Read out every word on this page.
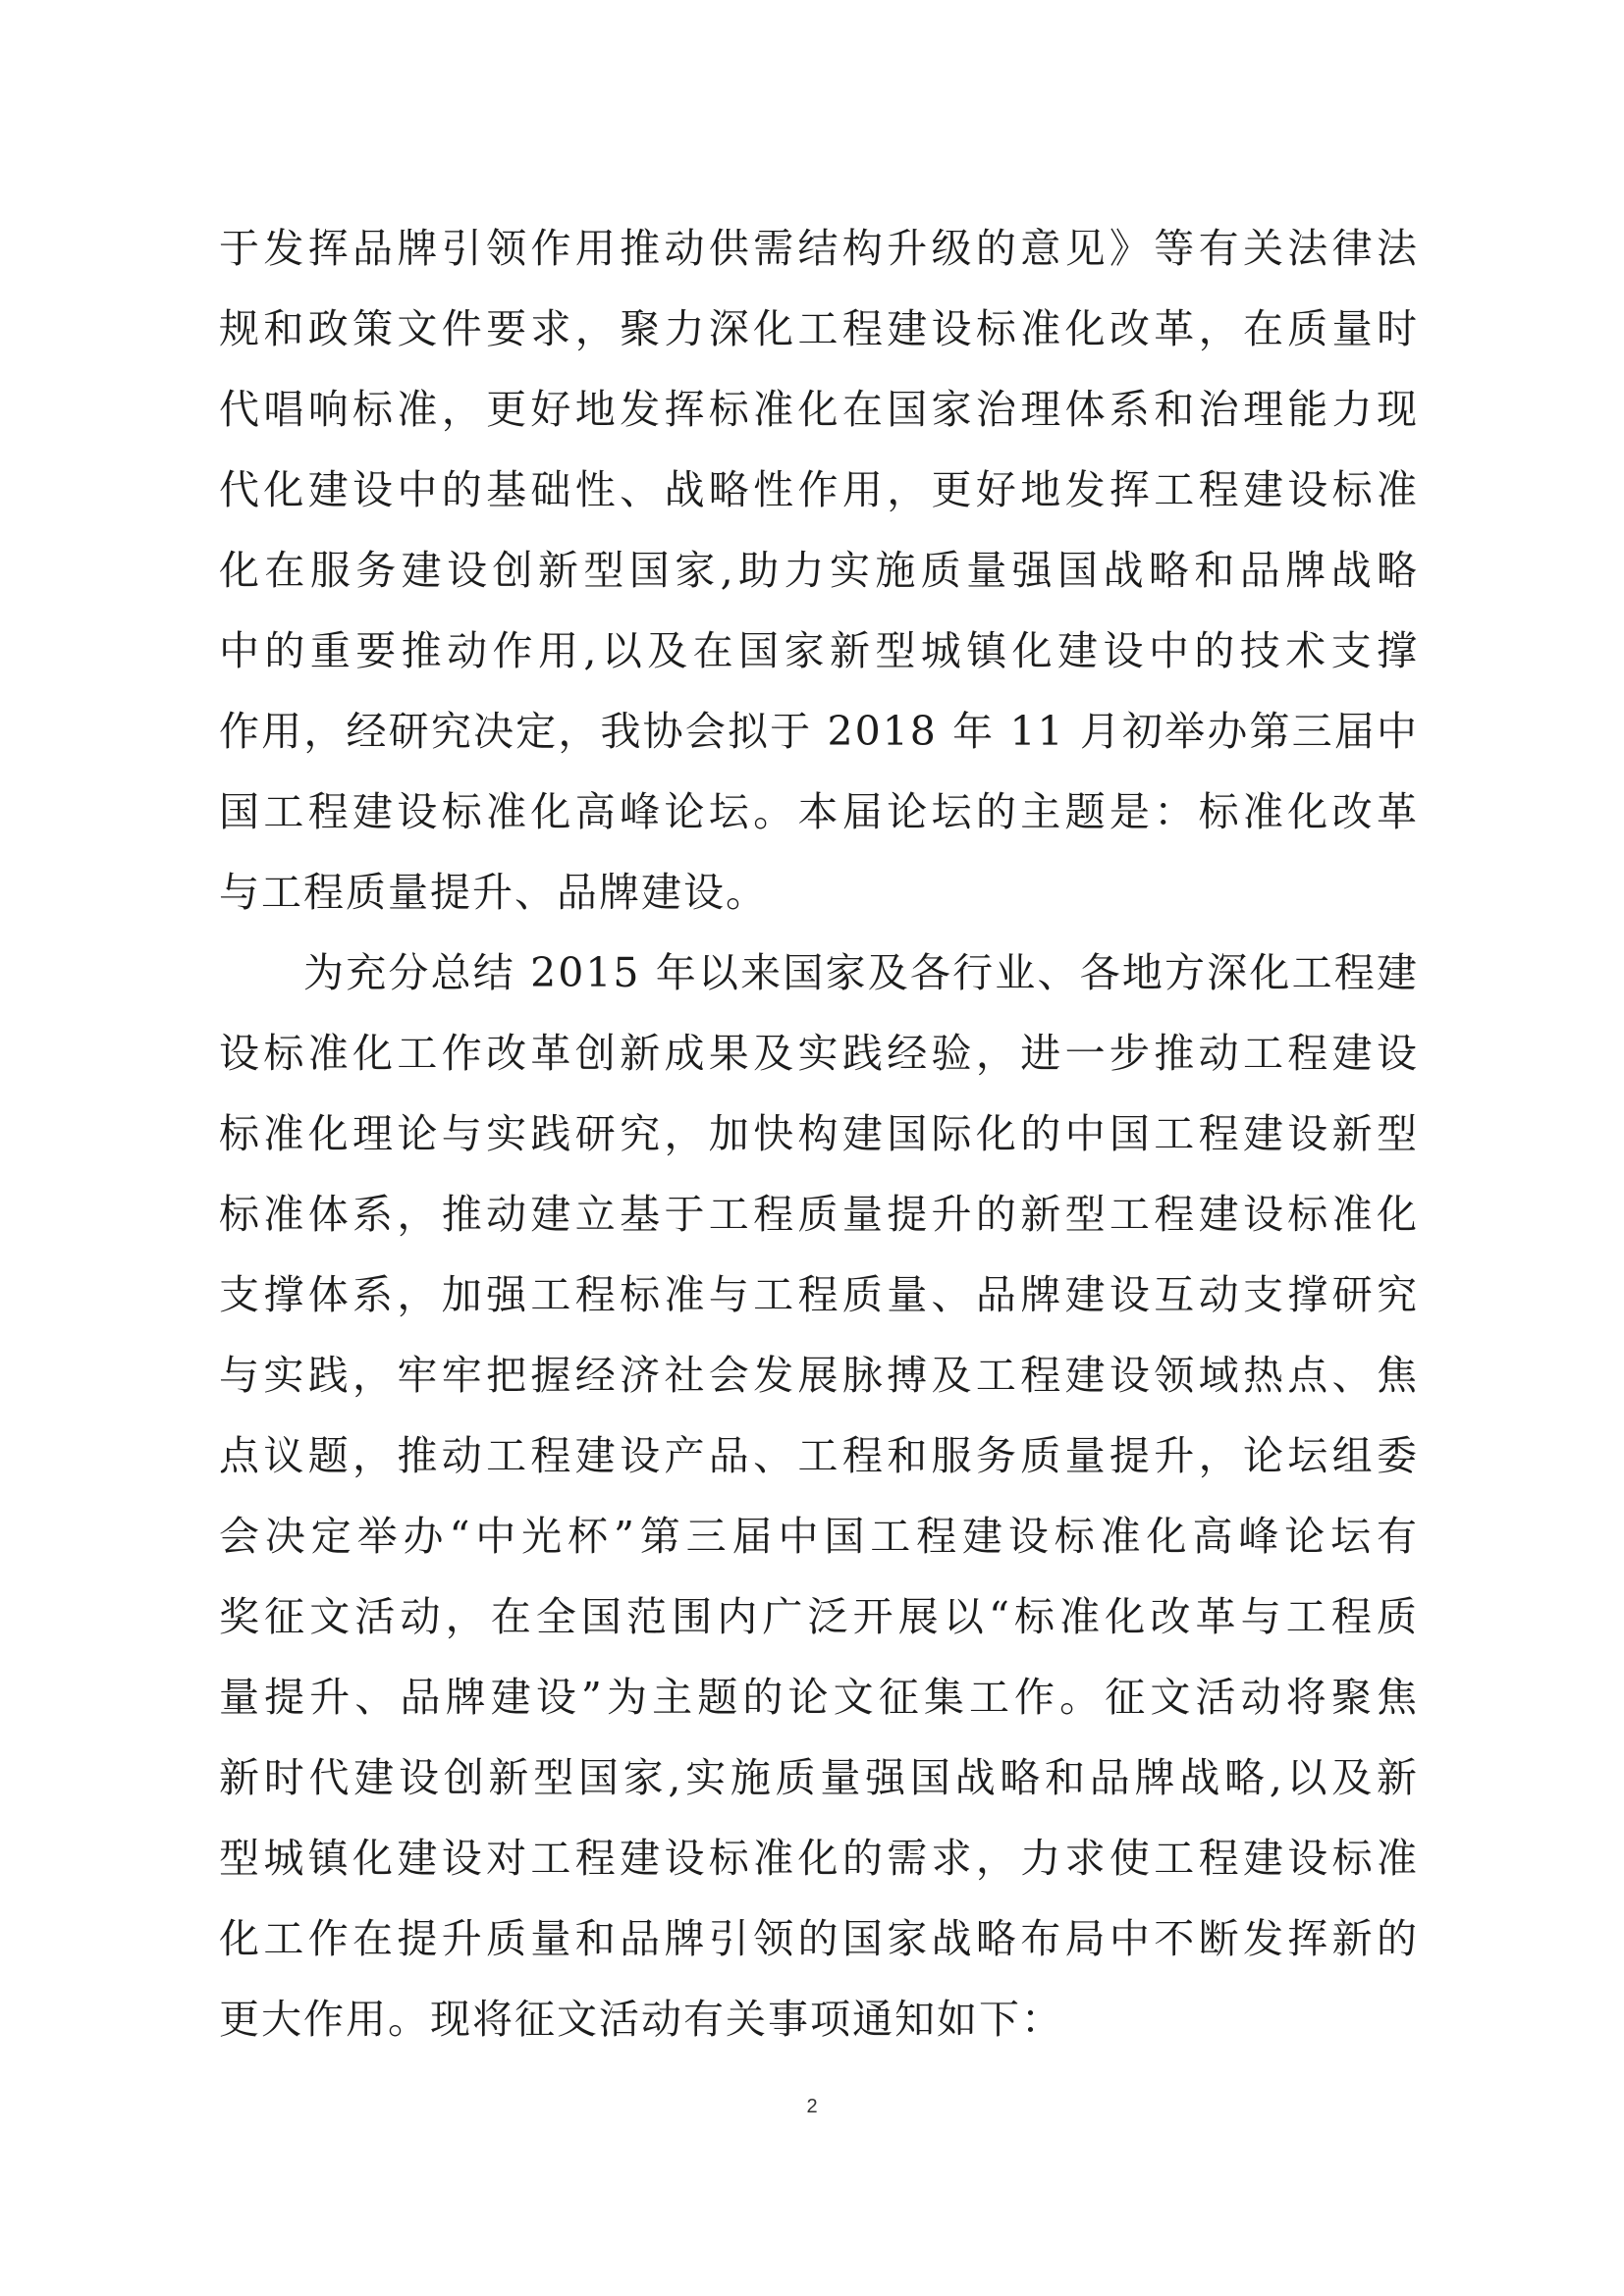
于发挥品牌引领作用推动供需结构升级的意见》等有关法律法
规和政策文件要求，聚力深化工程建设标准化改革，在质量时
代唱响标准，更好地发挥标准化在国家治理体系和治理能力现
代化建设中的基础性、战略性作用，更好地发挥工程建设标准
化在服务建设创新型国家,助力实施质量强国战略和品牌战略
中的重要推动作用,以及在国家新型城镇化建设中的技术支撑
作用，经研究决定，我协会拟于 2018 年 11 月初举办第三届中
国工程建设标准化高峰论坛。本届论坛的主题是：标准化改革
与工程质量提升、品牌建设。
为充分总结 2015 年以来国家及各行业、各地方深化工程建
设标准化工作改革创新成果及实践经验，进一步推动工程建设
标准化理论与实践研究，加快构建国际化的中国工程建设新型
标准体系，推动建立基于工程质量提升的新型工程建设标准化
支撑体系，加强工程标准与工程质量、品牌建设互动支撑研究
与实践，牢牢把握经济社会发展脉搏及工程建设领域热点、焦
点议题，推动工程建设产品、工程和服务质量提升，论坛组委
会决定举办“中光杯”第三届中国工程建设标准化高峰论坛有
奖征文活动，在全国范围内广泛开展以“标准化改革与工程质
量提升、品牌建设”为主题的论文征集工作。征文活动将聚焦
新时代建设创新型国家,实施质量强国战略和品牌战略,以及新
型城镇化建设对工程建设标准化的需求，力求使工程建设标准
化工作在提升质量和品牌引领的国家战略布局中不断发挥新的
更大作用。现将征文活动有关事项通知如下：
2
